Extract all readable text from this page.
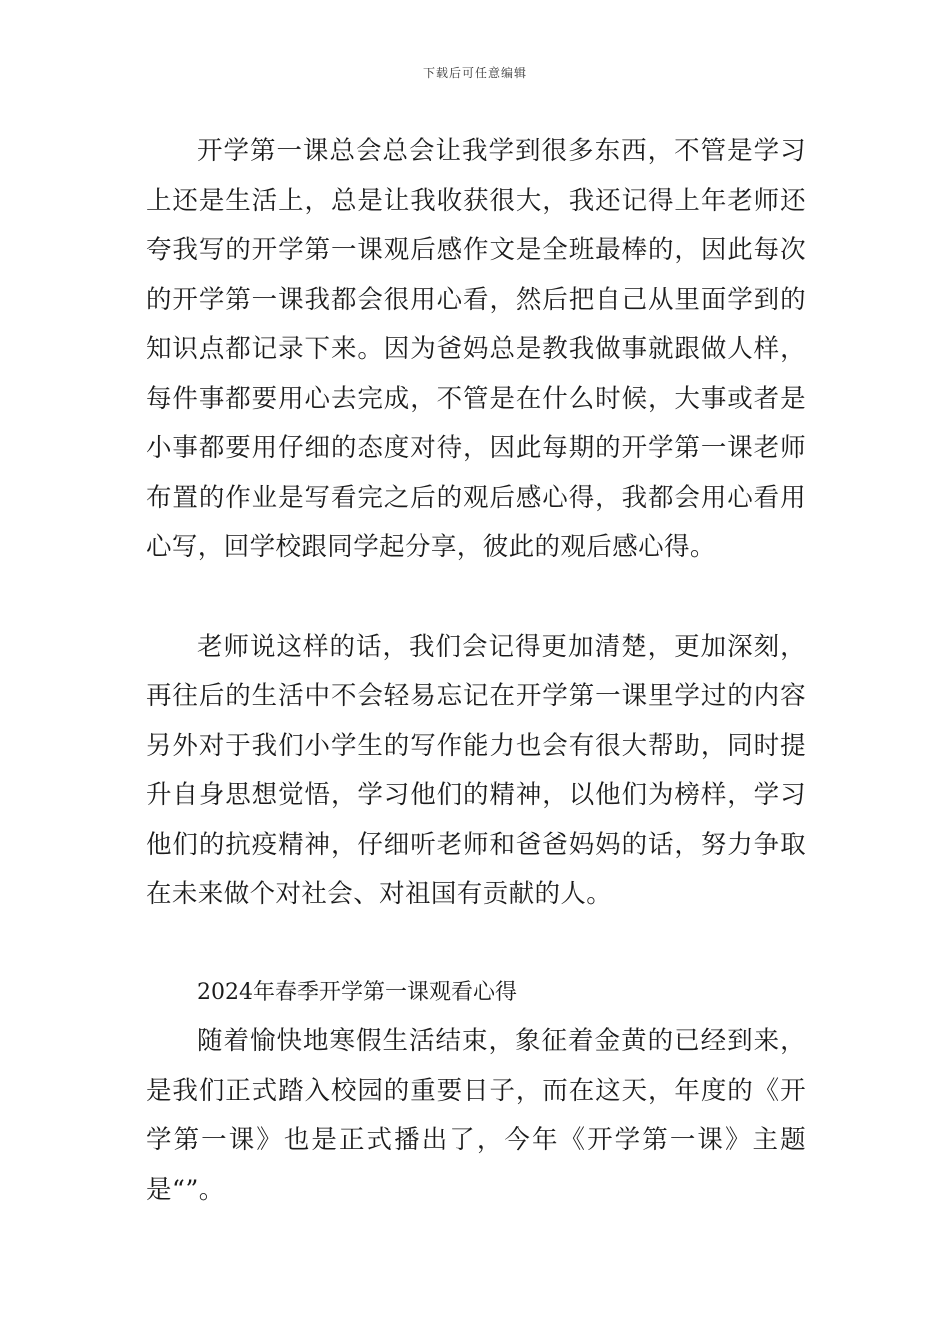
下载后可任意编辑

开学第一课总会总会让我学到很多东西，不管是学习上还是生活上，总是让我收获很大，我还记得上年老师还夸我写的开学第一课观后感作文是全班最棒的，因此每次的开学第一课我都会很用心看，然后把自己从里面学到的知识点都记录下来。因为爸妈总是教我做事就跟做人样，每件事都要用心去完成，不管是在什么时候，大事或者是小事都要用仔细的态度对待，因此每期的开学第一课老师布置的作业是写看完之后的观后感心得，我都会用心看用心写，回学校跟同学起分享，彼此的观后感心得。

老师说这样的话，我们会记得更加清楚，更加深刻，再往后的生活中不会轻易忘记在开学第一课里学过的内容另外对于我们小学生的写作能力也会有很大帮助，同时提升自身思想觉悟，学习他们的精神，以他们为榜样，学习他们的抗疫精神，仔细听老师和爸爸妈妈的话，努力争取在未来做个对社会、对祖国有贡献的人。

2024年春季开学第一课观看心得

随着愉快地寒假生活结束，象征着金黄的已经到来，是我们正式踏入校园的重要日子，而在这天，年度的《开学第一课》也是正式播出了，今年《开学第一课》主题是“”。
